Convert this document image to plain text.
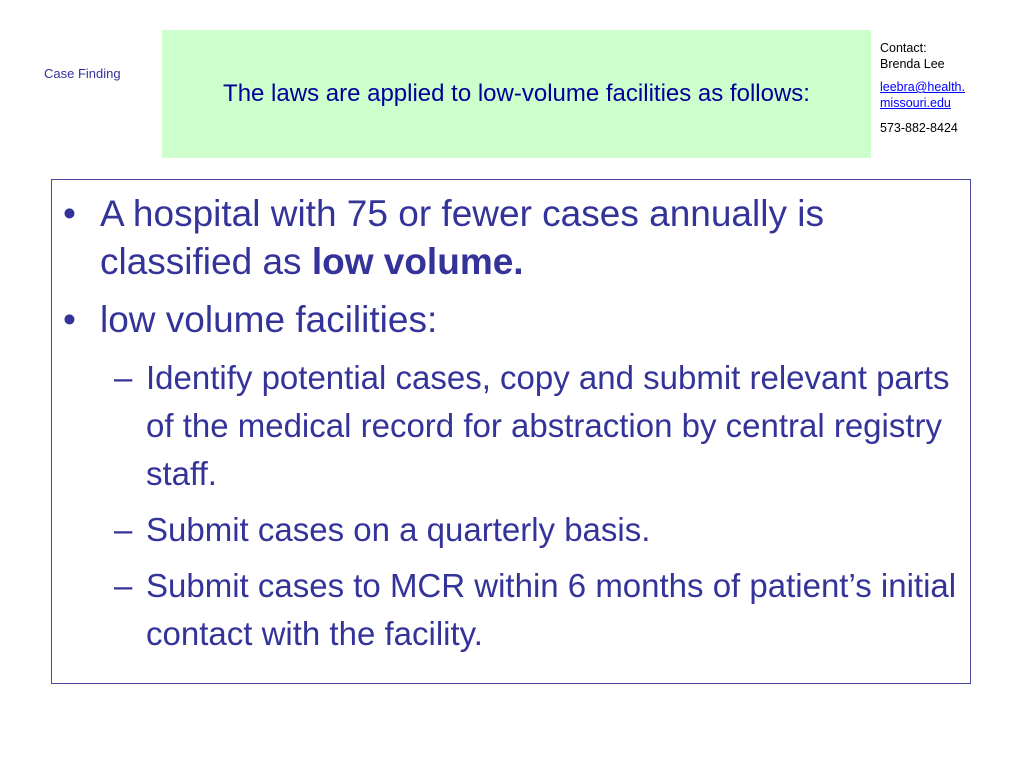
Case Finding
The laws are applied to low-volume facilities as follows:
Contact:
Brenda Lee
leebra@health.
missouri.edu
573-882-8424
• A hospital with 75 or fewer cases annually is classified as low volume.
• low volume facilities:
– Identify potential cases, copy and submit relevant parts of the medical record for abstraction by central registry staff.
– Submit cases on a quarterly basis.
– Submit cases to MCR within 6 months of patient’s initial contact with the facility.
